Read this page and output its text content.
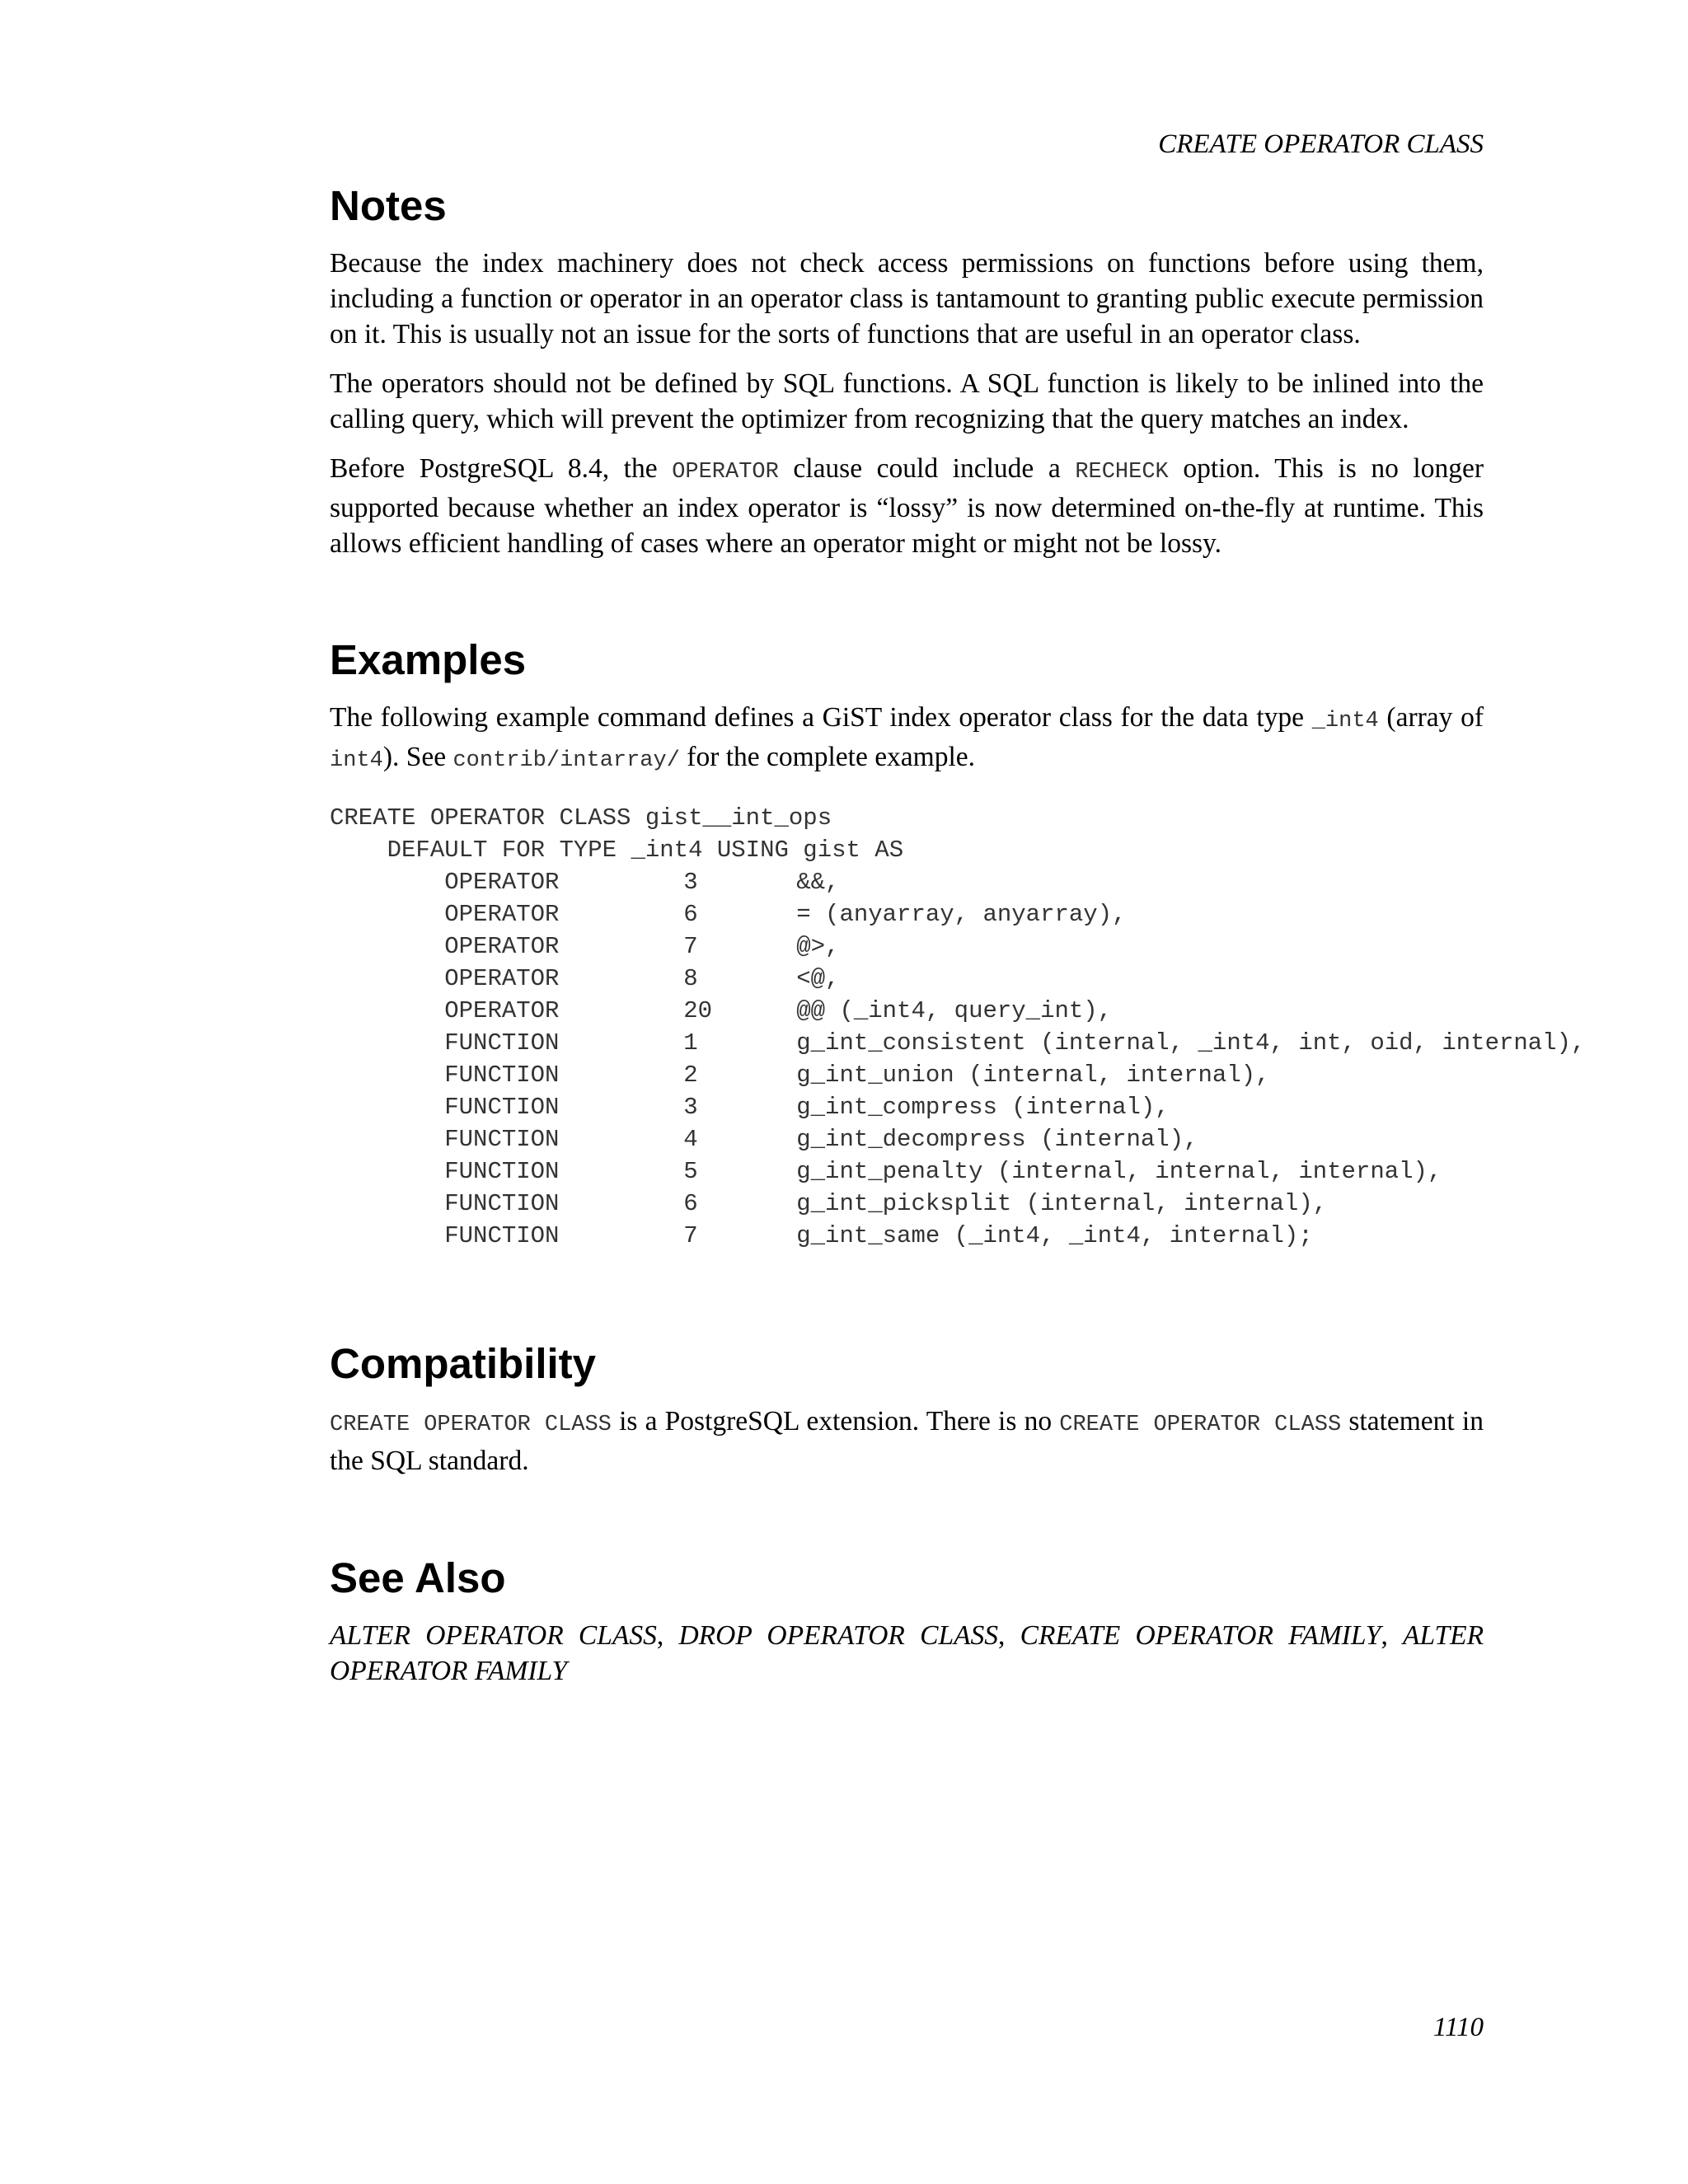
CREATE OPERATOR CLASS
Notes

Because the index machinery does not check access permissions on functions before using them, including a function or operator in an operator class is tantamount to granting public execute permission on it. This is usually not an issue for the sorts of functions that are useful in an operator class.

The operators should not be defined by SQL functions. A SQL function is likely to be inlined into the calling query, which will prevent the optimizer from recognizing that the query matches an index.

Before PostgreSQL 8.4, the OPERATOR clause could include a RECHECK option. This is no longer supported because whether an index operator is “lossy” is now determined on-the-fly at runtime. This allows efficient handling of cases where an operator might or might not be lossy.

Examples

The following example command defines a GiST index operator class for the data type _int4 (array of int4). See contrib/intarray/ for the complete example.

CREATE OPERATOR CLASS gist__int_ops
DEFAULT FOR TYPE _int4 USING gist AS
OPERATOR	3	&&,
OPERATOR	6	= (anyarray, anyarray),
OPERATOR	7	@>,
OPERATOR	8	<@,
OPERATOR	20	@@ (_int4, query_int),
FUNCTION	1	g_int_consistent (internal, _int4, int, oid, internal),
FUNCTION	2	g_int_union (internal, internal),
FUNCTION	3	g_int_compress (internal),
FUNCTION	4	g_int_decompress (internal),
FUNCTION	5	g_int_penalty (internal, internal, internal),
FUNCTION	6	g_int_picksplit (internal, internal),
FUNCTION	7	g_int_same (_int4, _int4, internal);
Compatibility

CREATE OPERATOR CLASS is a PostgreSQL extension. There is no CREATE OPERATOR CLASS statement in the SQL standard.

See Also

ALTER OPERATOR CLASS, DROP OPERATOR CLASS, CREATE OPERATOR FAMILY, ALTER OPERATOR FAMILY

1110
